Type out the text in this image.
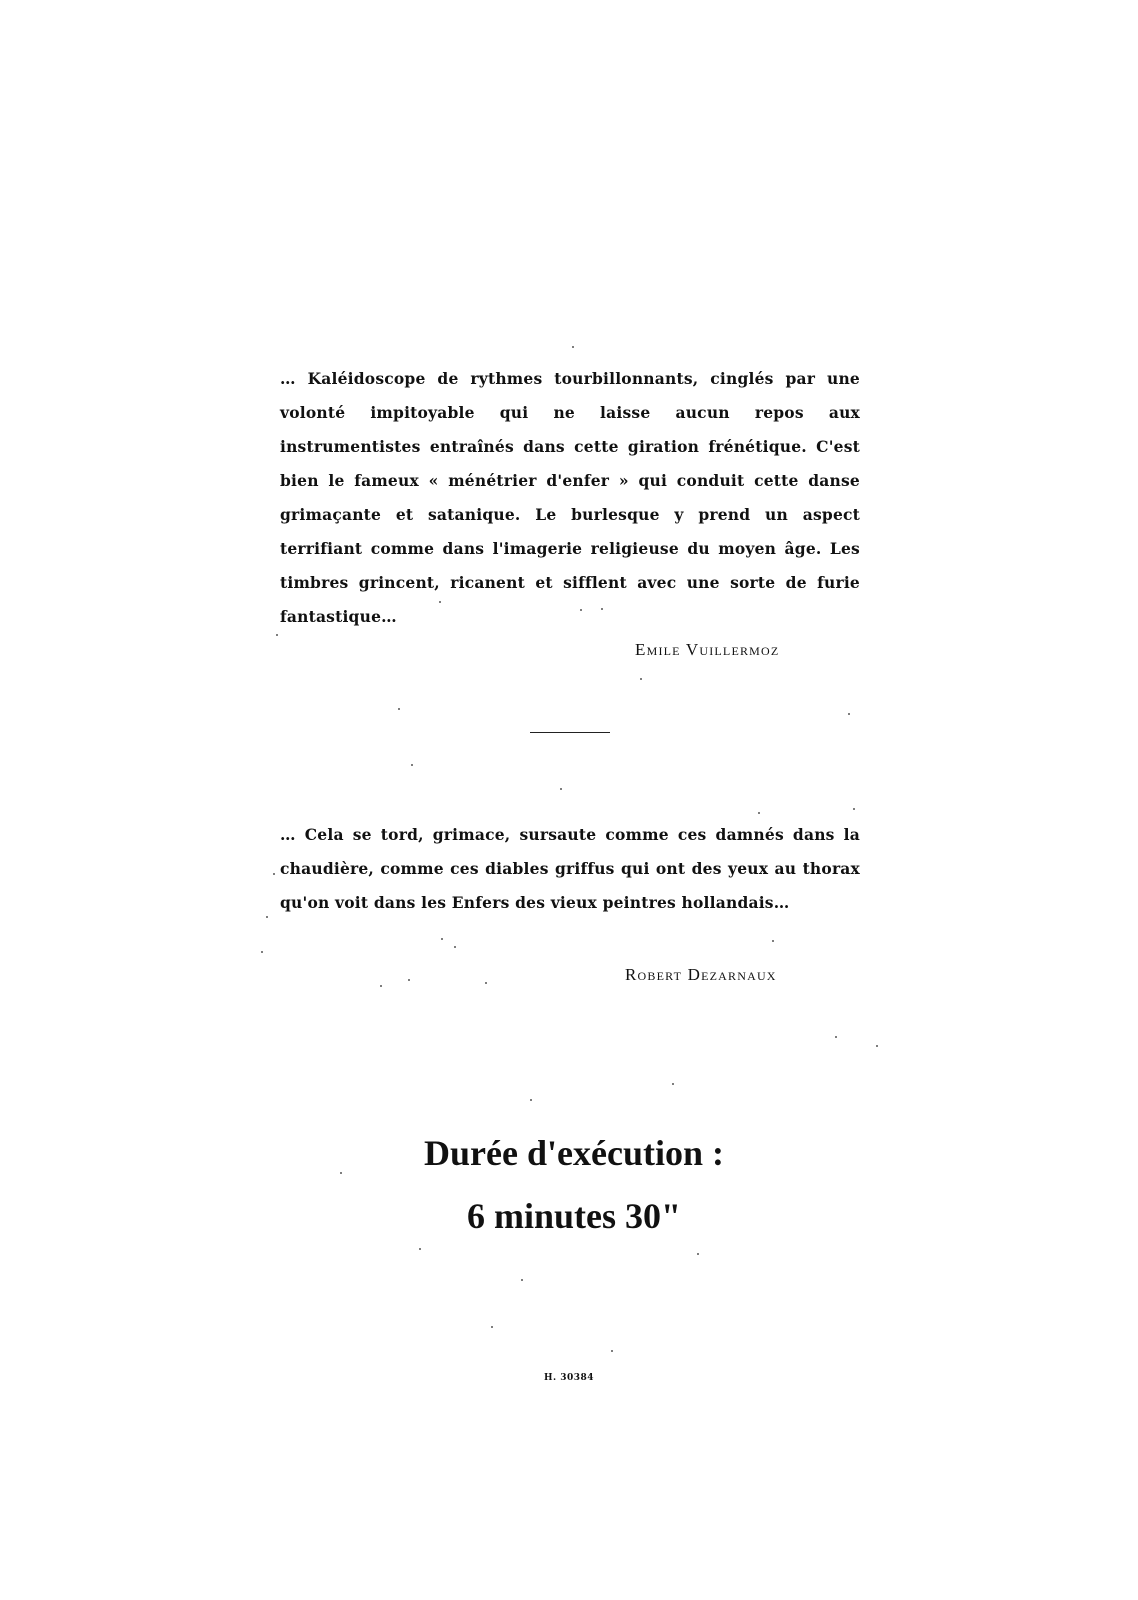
… Kaléidoscope de rythmes tourbillonnants, cinglés par une volonté impitoyable qui ne laisse aucun repos aux instrumentistes entraînés dans cette giration frénétique. C'est bien le fameux « ménétrier d'enfer » qui conduit cette danse grimaçante et satanique. Le burlesque y prend un aspect terrifiant comme dans l'imagerie religieuse du moyen âge. Les timbres grincent, ricanent et sifflent avec une sorte de furie fantastique…

Emile Vuillermoz

… Cela se tord, grimace, sursaute comme ces damnés dans la chaudière, comme ces diables griffus qui ont des yeux au thorax qu'on voit dans les Enfers des vieux peintres hollandais…

Robert Dezarnaux

Durée d'exécution :
6 minutes 30"

H. 30384
